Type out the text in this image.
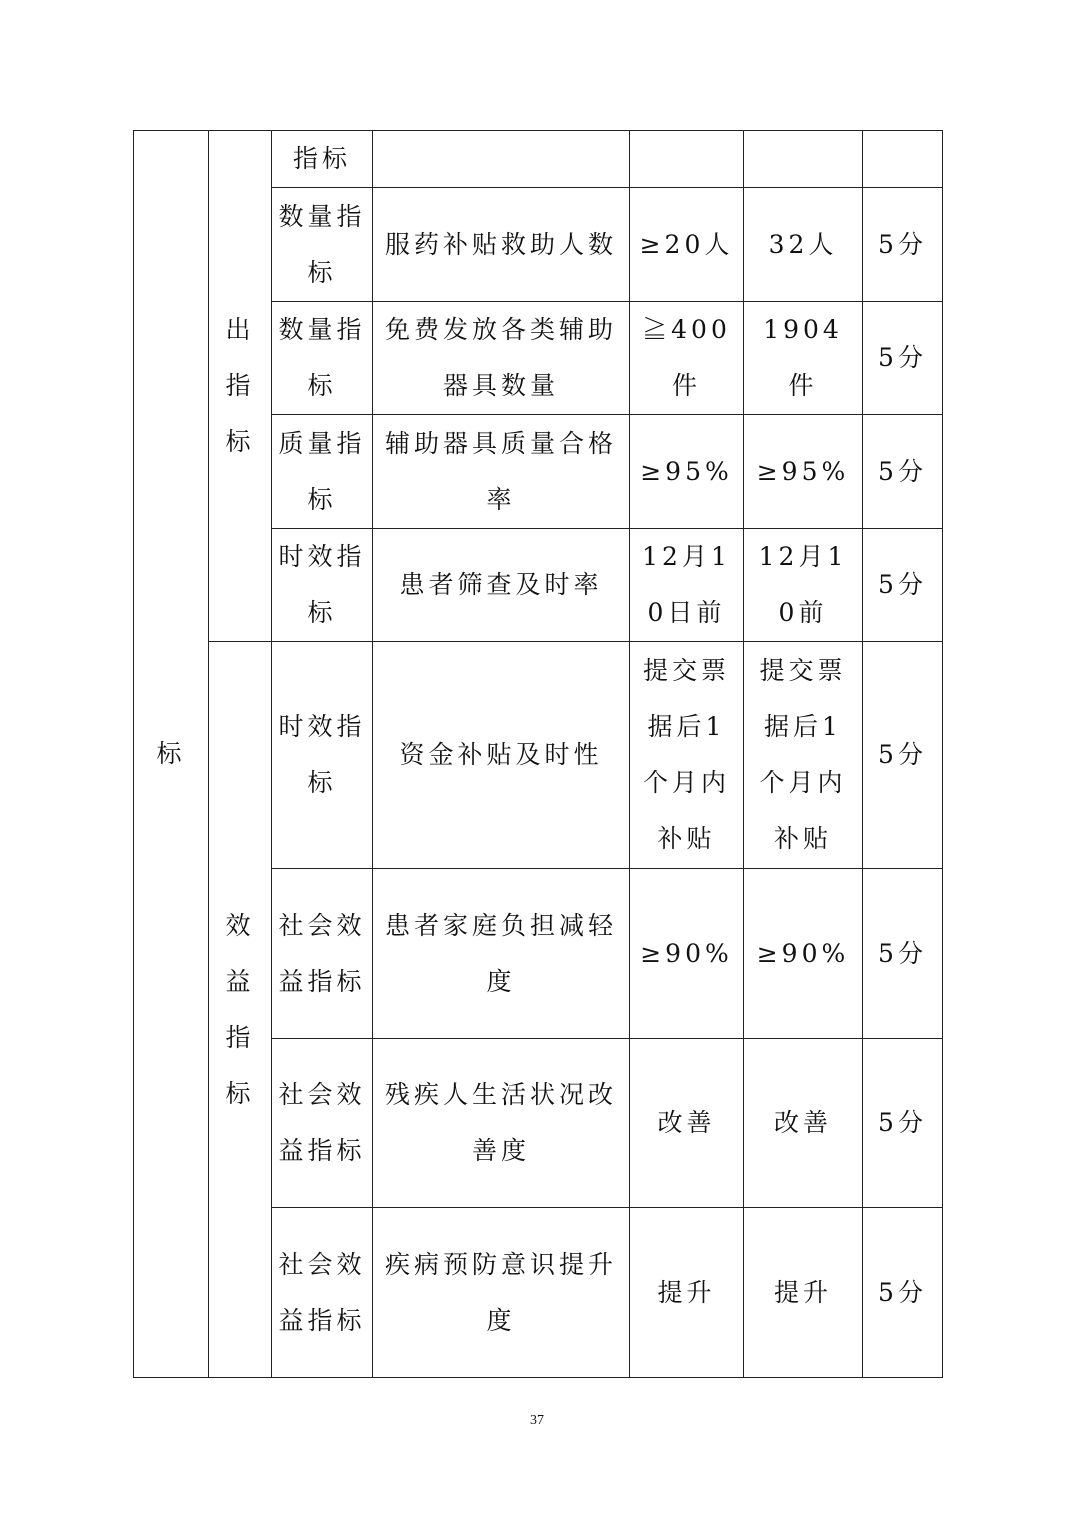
标	出指标	指标				
		数量指标	服药补贴救助人数	≥20人	32人	5分
		数量指标	免费发放各类辅助器具数量	≧400件	1904件	5分
		质量指标	辅助器具质量合格率	≥95%	≥95%	5分
		时效指标	患者筛查及时率	12月10日前	12月10前	5分
	效益指标	时效指标	资金补贴及时性	提交票据后1个月内补贴	提交票据后1个月内补贴	5分
		社会效益指标	患者家庭负担减轻度	≥90%	≥90%	5分
		社会效益指标	残疾人生活状况改善度	改善	改善	5分
		社会效益指标	疾病预防意识提升度	提升	提升	5分
37
